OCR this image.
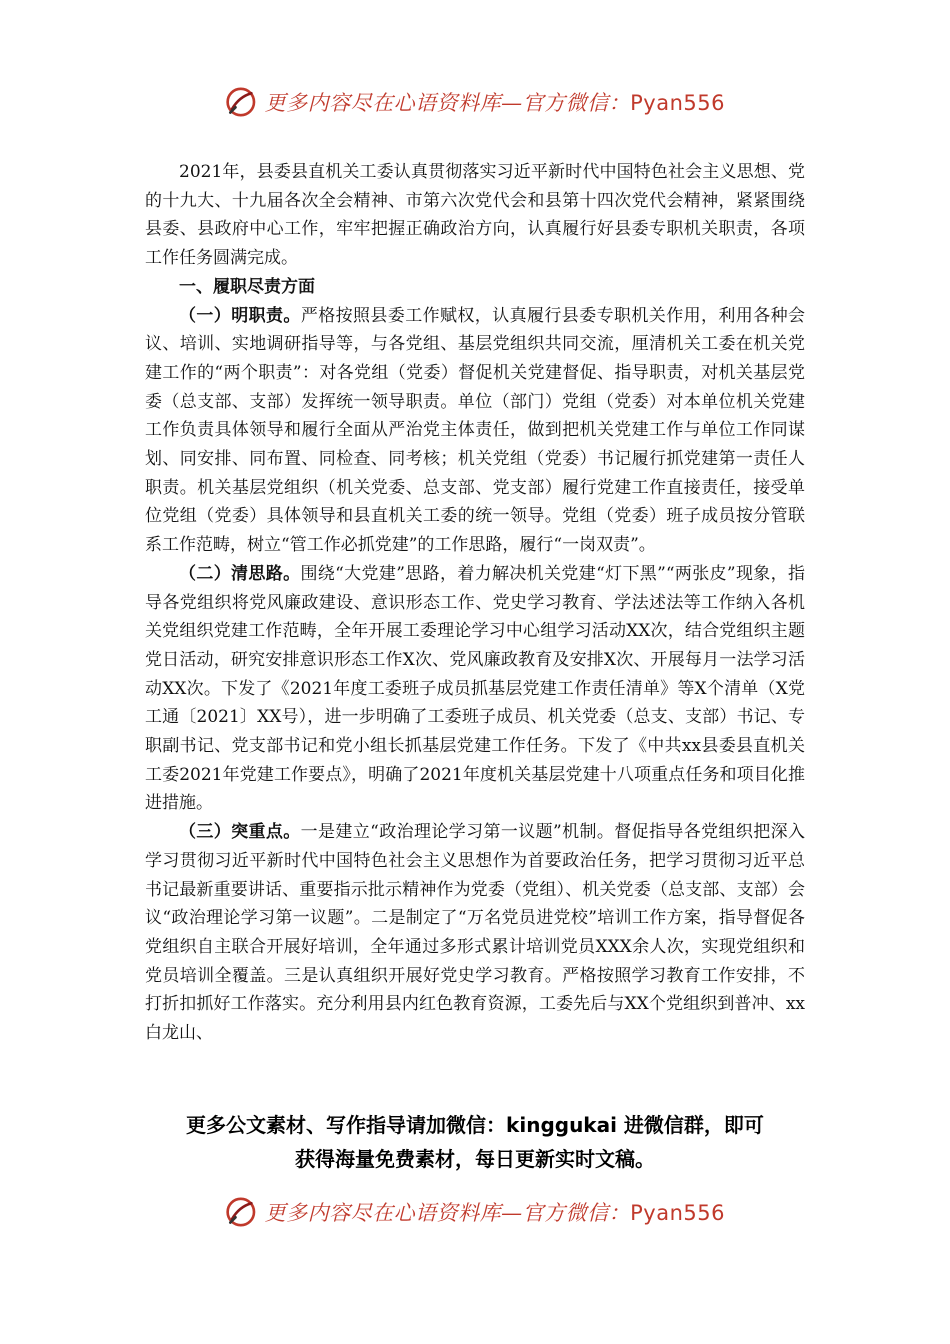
更多内容尽在心语资料库—官方微信：Pyan556

2021年，县委县直机关工委认真贯彻落实习近平新时代中国特色社会主义思想、党的十九大、十九届各次全会精神、市第六次党代会和县第十四次党代会精神，紧紧围绕县委、县政府中心工作，牢牢把握正确政治方向，认真履行好县委专职机关职责，各项工作任务圆满完成。

一、履职尽责方面

（一）明职责。严格按照县委工作赋权，认真履行县委专职机关作用，利用各种会议、培训、实地调研指导等，与各党组、基层党组织共同交流，厘清机关工委在机关党建工作的“两个职责”：对各党组（党委）督促机关党建督促、指导职责，对机关基层党委（总支部、支部）发挥统一领导职责。单位（部门）党组（党委）对本单位机关党建工作负责具体领导和履行全面从严治党主体责任，做到把机关党建工作与单位工作同谋划、同安排、同布置、同检查、同考核；机关党组（党委）书记履行抓党建第一责任人职责。机关基层党组织（机关党委、总支部、党支部）履行党建工作直接责任，接受单位党组（党委）具体领导和县直机关工委的统一领导。党组（党委）班子成员按分管联系工作范畴，树立“管工作必抓党建”的工作思路，履行“一岗双责”。

（二）清思路。围绕“大党建”思路，着力解决机关党建“灯下黑”“两张皮”现象，指导各党组织将党风廉政建设、意识形态工作、党史学习教育、学法述法等工作纳入各机关党组织党建工作范畴，全年开展工委理论学习中心组学习活动XX次，结合党组织主题党日活动，研究安排意识形态工作X次、党风廉政教育及安排X次、开展每月一法学习活动XX次。下发了《2021年度工委班子成员抓基层党建工作责任清单》等X个清单（X党工通〔2021〕XX号），进一步明确了工委班子成员、机关党委（总支、支部）书记、专职副书记、党支部书记和党小组长抓基层党建工作任务。下发了《中共xx县委县直机关工委2021年党建工作要点》，明确了2021年度机关基层党建十八项重点任务和项目化推进措施。

（三）突重点。一是建立“政治理论学习第一议题”机制。督促指导各党组织把深入学习贯彻习近平新时代中国特色社会主义思想作为首要政治任务，把学习贯彻习近平总书记最新重要讲话、重要指示批示精神作为党委（党组）、机关党委（总支部、支部）会议“政治理论学习第一议题”。二是制定了“万名党员进党校”培训工作方案，指导督促各党组织自主联合开展好培训，全年通过多形式累计培训党员XXX余人次，实现党组织和党员培训全覆盖。三是认真组织开展好党史学习教育。严格按照学习教育工作安排，不打折扣抓好工作落实。充分利用县内红色教育资源，工委先后与XX个党组织到普冲、xx白龙山、

更多公文素材、写作指导请加微信：kinggukai 进微信群，即可
获得海量免费素材，每日更新实时文稿。
更多内容尽在心语资料库—官方微信：Pyan556
